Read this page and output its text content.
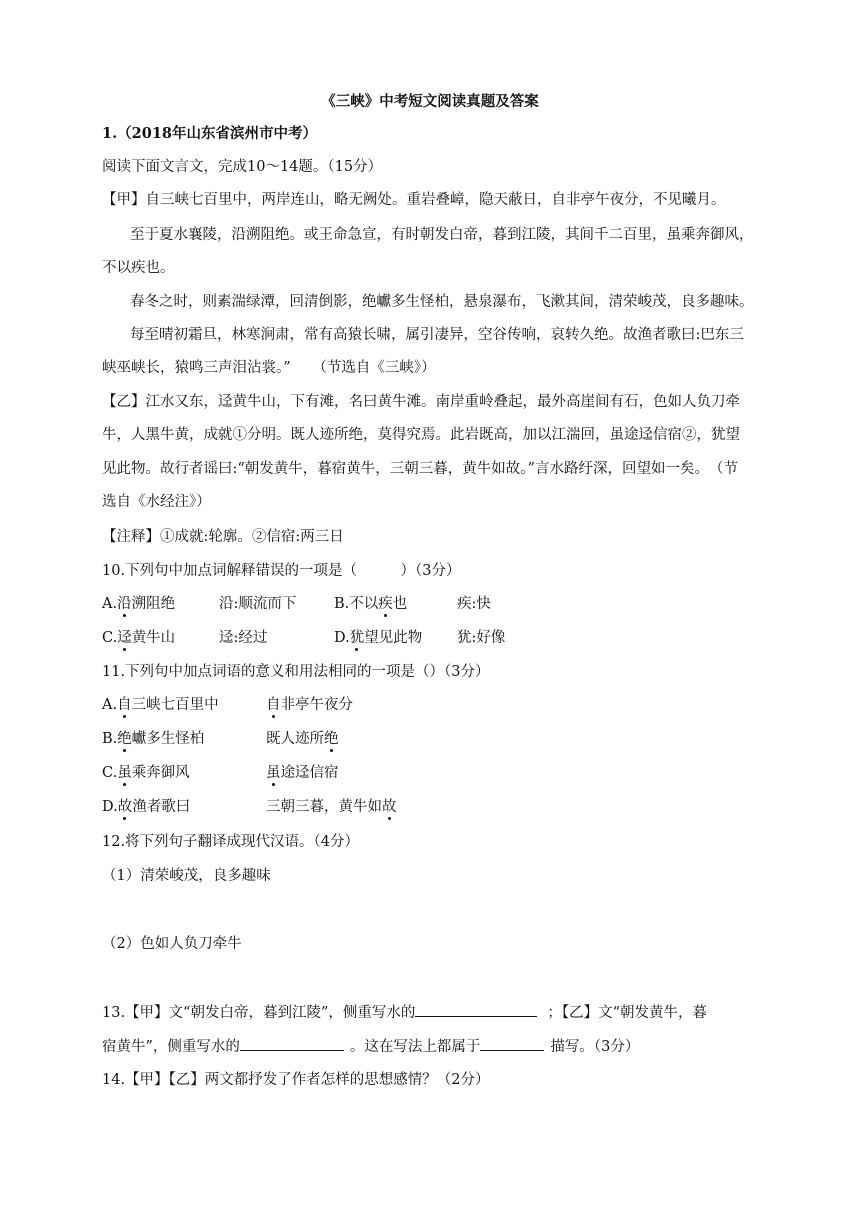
《三峡》中考短文阅读真题及答案
1.（2018年山东省滨州市中考）
阅读下面文言文，完成10～14题。（15分）
【甲】自三峡七百里中，两岸连山，略无阙处。重岩叠嶂，隐天蔽日，自非亭午夜分，不见曦月。
至于夏水襄陵，沿溯阻绝。或王命急宣，有时朝发白帝，暮到江陵，其间千二百里，虽乘奔御风，
不以疾也。
春冬之时，则素湍绿潭，回清倒影，绝巘多生怪柏，悬泉瀑布，飞漱其间，清荣峻茂，良多趣味。
每至晴初霜旦，林寒涧肃，常有高猿长啸，属引凄异，空谷传响，哀转久绝。故渔者歌曰:巴东三
峡巫峡长，猿鸣三声泪沾裳。”　　（节选自《三峡》）
【乙】江水又东，迳黄牛山，下有滩，名曰黄牛滩。南岸重岭叠起，最外高崖间有石，色如人负刀牵
牛，人黑牛黄，成就①分明。既人迹所绝，莫得究焉。此岩既高，加以江湍回，虽途迳信宿②，犹望
见此物。故行者谣曰:“朝发黄牛，暮宿黄牛，三朝三暮，黄牛如故。”言水路纡深，回望如一矣。　（节
选自《水经注》）
【注释】①成就:轮廓。②信宿:两三日
10.下列句中加点词解释错误的一项是（　　　）（3分）
A.沿溯阻绝	沿:顺流而下	B.不以疾也	疾:快
C.迳黄牛山	迳:经过	D.犹望见此物 犹:好像
11.下列句中加点词语的意义和用法相同的一项是（）（3分）
A.自三峡七百里中	自非亭午夜分
B.绝巘多生怪柏	既人迹所绝
C.虽乘奔御风	虽途迳信宿
D.故渔者歌曰	三朝三暮，黄牛如故
12.将下列句子翻译成现代汉语。（4分）
（1）清荣峻茂，良多趣味
（2）色如人负刀牵牛
13.【甲】文“朝发白帝，暮到江陵”，侧重写水的	；【乙】文“朝发黄牛，暮
宿黄牛”，侧重写水的	。这在写法上都属于	描写。（3分）
14.【甲】【乙】两文都抒发了作者怎样的思想感情？（2分）
